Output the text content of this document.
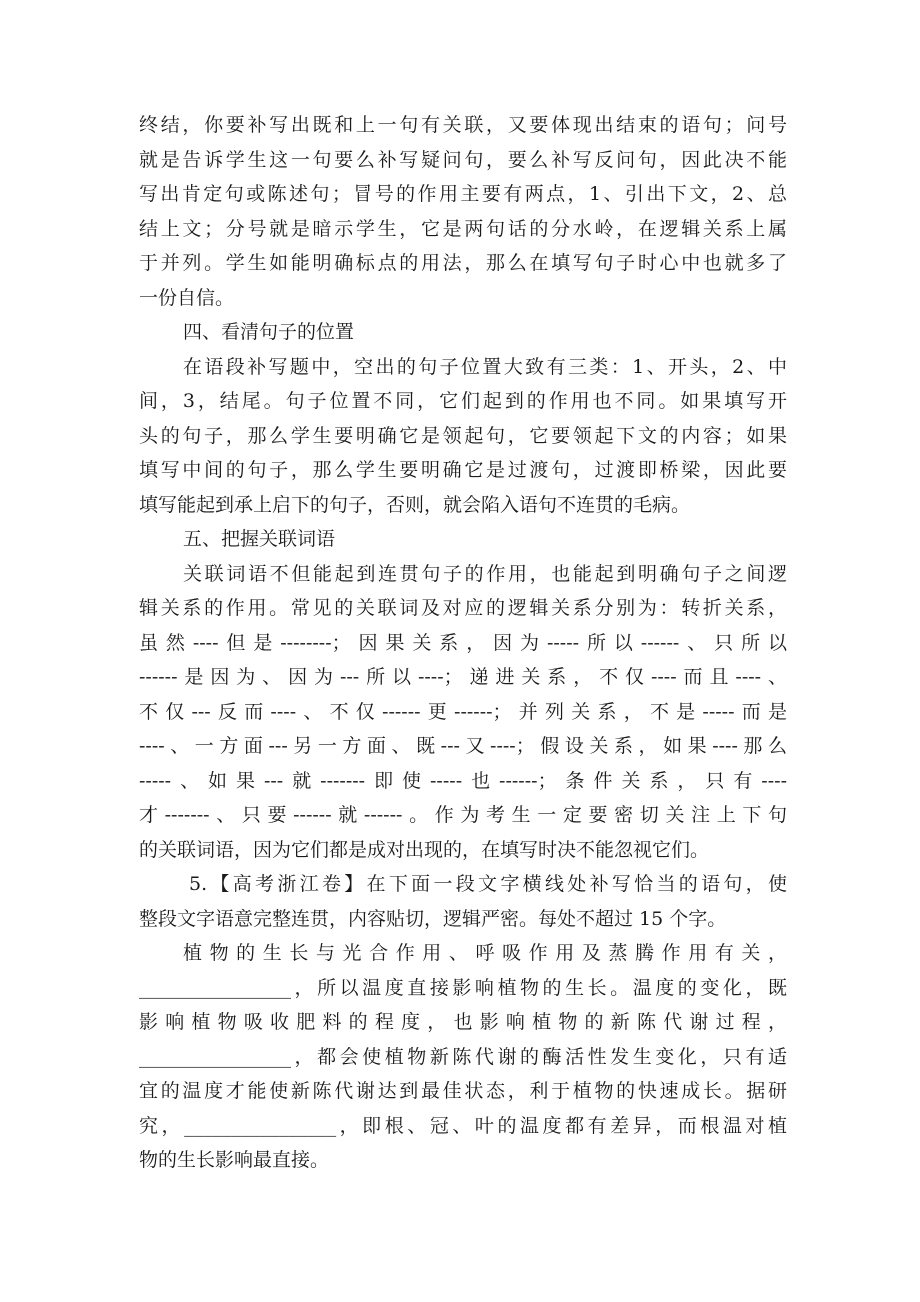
终结，你要补写出既和上一句有关联，又要体现出结束的语句；问号
就是告诉学生这一句要么补写疑问句，要么补写反问句，因此决不能
写出肯定句或陈述句；冒号的作用主要有两点，1、引出下文，2、总
结上文；分号就是暗示学生，它是两句话的分水岭，在逻辑关系上属
于并列。学生如能明确标点的用法，那么在填写句子时心中也就多了
一份自信。
四、看清句子的位置
在语段补写题中，空出的句子位置大致有三类：1、开头，2、中
间，3，结尾。句子位置不同，它们起到的作用也不同。如果填写开
头的句子，那么学生要明确它是领起句，它要领起下文的内容；如果
填写中间的句子，那么学生要明确它是过渡句，过渡即桥梁，因此要
填写能起到承上启下的句子，否则，就会陷入语句不连贯的毛病。
五、把握关联词语
关联词语不但能起到连贯句子的作用，也能起到明确句子之间逻
辑关系的作用。常见的关联词及对应的逻辑关系分别为：转折关系，
虽然----但是--------；因果关系，因为-----所以------、只所以
------是因为、因为---所以----；递进关系，不仅----而且----、
不仅---反而----、不仅------更------；并列关系，不是-----而是
----、一方面---另一方面、既---又----；假设关系，如果----那么
-----、如果---就-------即使-----也------；条件关系，只有----
才-------、只要------就------。作为考生一定要密切关注上下句
的关联词语，因为它们都是成对出现的，在填写时决不能忽视它们。
5.【高考浙江卷】在下面一段文字横线处补写恰当的语句，使
整段文字语意完整连贯，内容贴切，逻辑严密。每处不超过 15 个字。
植物的生长与光合作用、呼吸作用及蒸腾作用有关，
________________，所以温度直接影响植物的生长。温度的变化，既
影响植物吸收肥料的程度，也影响植物的新陈代谢过程，
________________，都会使植物新陈代谢的酶活性发生变化，只有适
宜的温度才能使新陈代谢达到最佳状态，利于植物的快速成长。据研
究，________________，即根、冠、叶的温度都有差异，而根温对植
物的生长影响最直接。
